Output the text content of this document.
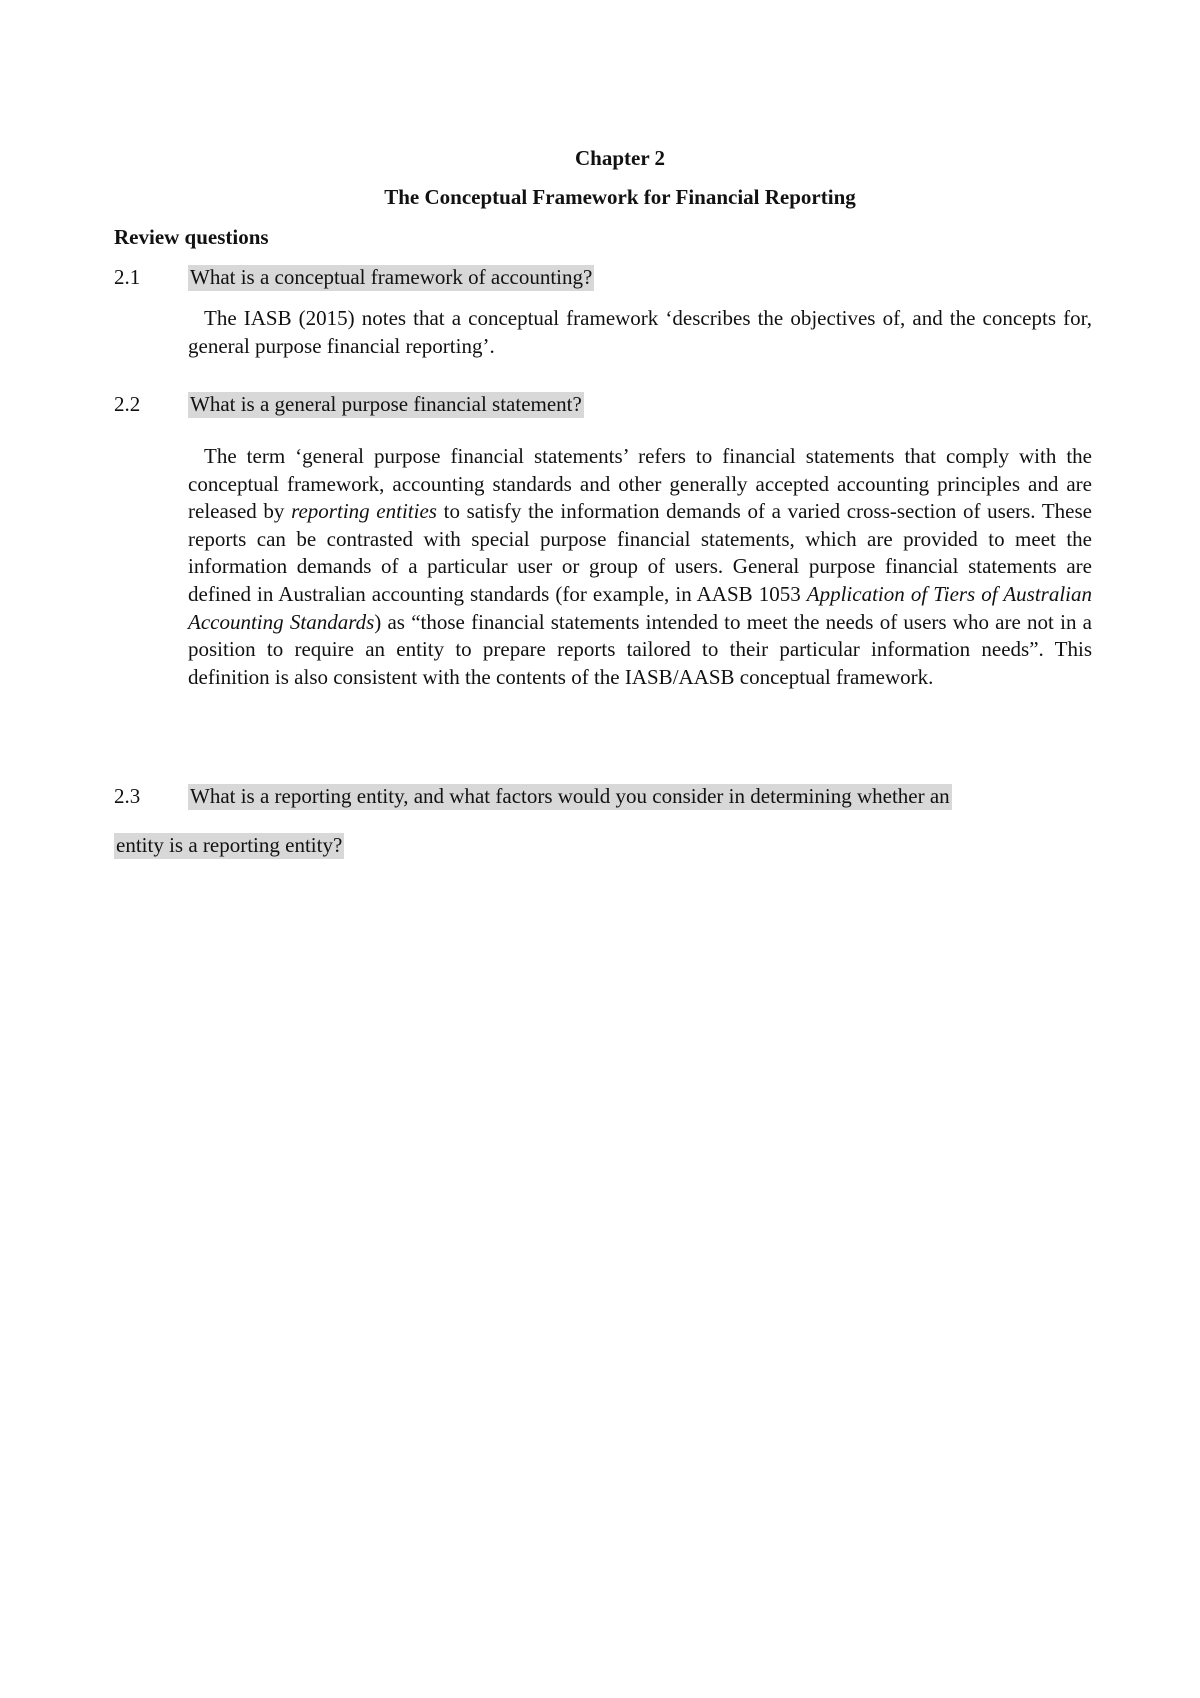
Chapter 2
The Conceptual Framework for Financial Reporting
Review questions
2.1 What is a conceptual framework of accounting?
The IASB (2015) notes that a conceptual framework ‘describes the objectives of, and the concepts for, general purpose financial reporting’.
2.2 What is a general purpose financial statement?
The term ‘general purpose financial statements’ refers to financial statements that comply with the conceptual framework, accounting standards and other generally accepted accounting principles and are released by reporting entities to satisfy the information demands of a varied cross-section of users. These reports can be contrasted with special purpose financial statements, which are provided to meet the information demands of a particular user or group of users. General purpose financial statements are defined in Australian accounting standards (for example, in AASB 1053 Application of Tiers of Australian Accounting Standards) as “those financial statements intended to meet the needs of users who are not in a position to require an entity to prepare reports tailored to their particular information needs”. This definition is also consistent with the contents of the IASB/AASB conceptual framework.
2.3 What is a reporting entity, and what factors would you consider in determining whether an
entity is a reporting entity?
